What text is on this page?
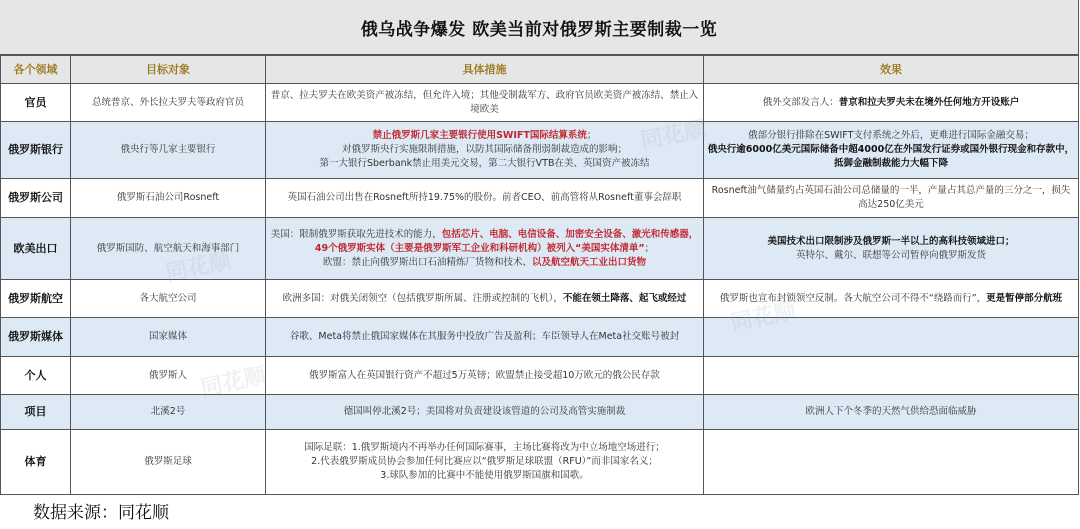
俄乌战争爆发 欧美当前对俄罗斯主要制裁一览
各个领域	目标对象	具体措施	效果
官员	总统普京、外长拉夫罗夫等政府官员	普京、拉夫罗夫在欧美资产被冻结，但允许入境；其他受制裁军方、政府官员欧美资产被冻结、禁止入境欧美	俄外交部发言人：普京和拉夫罗夫未在境外任何地方开设账户
俄罗斯银行	俄央行等几家主要银行	禁止俄罗斯几家主要银行使用SWIFT国际结算系统；
对俄罗斯央行实施限制措施，以防其国际储备削弱制裁造成的影响；
第一大银行Sberbank禁止用美元交易，第二大银行VTB在美、英国资产被冻结	俄部分银行排除在SWIFT支付系统之外后，更难进行国际金融交易；
俄央行逾6000亿美元国际储备中超4000亿在外国发行证券或国外银行现金和存款中，抵御金融制裁能力大幅下降
俄罗斯公司	俄罗斯石油公司Rosneft	英国石油公司出售在Rosneft所持19.75%的股份。前者CEO、前高管将从Rosneft董事会辞职	Rosneft油气储量约占英国石油公司总储量的一半，产量占其总产量的三分之一，损失高达250亿美元
欧美出口	俄罗斯国防、航空航天和海事部门	美国：限制俄罗斯获取先进技术的能力，包括芯片、电脑、电信设备、加密安全设备、激光和传感器，49个俄罗斯实体（主要是俄罗斯军工企业和科研机构）被列入“美国实体清单”；
欧盟：禁止向俄罗斯出口石油精炼厂货物和技术、以及航空航天工业出口货物	美国技术出口限制涉及俄罗斯一半以上的高科技领域进口；
英特尔、戴尔、联想等公司暂停向俄罗斯发货
俄罗斯航空	各大航空公司	欧洲多国：对俄关闭领空（包括俄罗斯所属、注册或控制的飞机），不能在领土降落、起飞或经过	俄罗斯也宣布封锁领空反制。各大航空公司不得不“绕路而行”，更是暂停部分航班
俄罗斯媒体	国家媒体	谷歌、Meta将禁止俄国家媒体在其服务中投放广告及盈利；车臣领导人在Meta社交账号被封	
个人	俄罗斯人	俄罗斯富人在英国银行资产不超过5万英镑；欧盟禁止接受超10万欧元的俄公民存款	
项目	北溪2号	德国叫停北溪2号；美国将对负责建设该管道的公司及高管实施制裁	欧洲人下个冬季的天然气供给恐面临威胁
体育	俄罗斯足球	国际足联：1.俄罗斯境内不再举办任何国际赛事，主场比赛将改为中立场地空场进行；
2.代表俄罗斯成员协会参加任何比赛应以“俄罗斯足球联盟（RFU）”而非国家名义；
3.球队参加的比赛中不能使用俄罗斯国旗和国歌。	
同花顺
数据来源：同花顺
